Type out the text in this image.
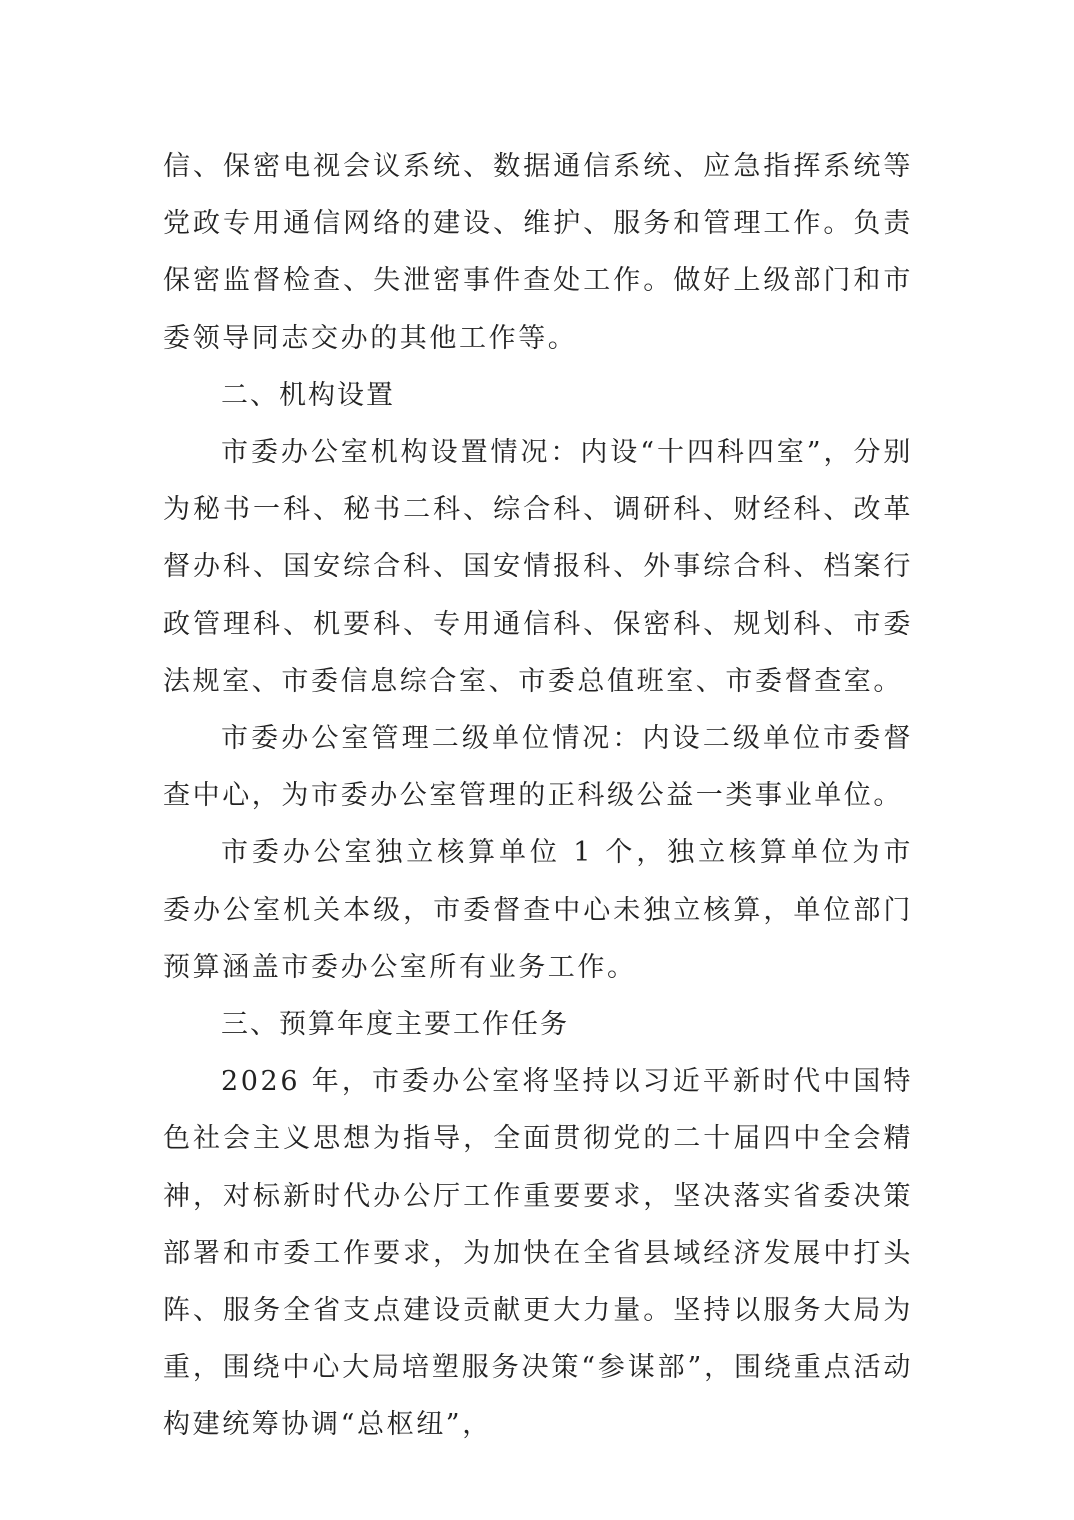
信、保密电视会议系统、数据通信系统、应急指挥系统等党政专用通信网络的建设、维护、服务和管理工作。负责保密监督检查、失泄密事件查处工作。做好上级部门和市委领导同志交办的其他工作等。

二、机构设置

市委办公室机构设置情况：内设“十四科四室”，分别为秘书一科、秘书二科、综合科、调研科、财经科、改革督办科、国安综合科、国安情报科、外事综合科、档案行政管理科、机要科、专用通信科、保密科、规划科、市委法规室、市委信息综合室、市委总值班室、市委督查室。

市委办公室管理二级单位情况：内设二级单位市委督查中心，为市委办公室管理的正科级公益一类事业单位。

市委办公室独立核算单位 1 个，独立核算单位为市委办公室机关本级，市委督查中心未独立核算，单位部门预算涵盖市委办公室所有业务工作。

三、预算年度主要工作任务

2026 年，市委办公室将坚持以习近平新时代中国特色社会主义思想为指导，全面贯彻党的二十届四中全会精神，对标新时代办公厅工作重要要求，坚决落实省委决策部署和市委工作要求，为加快在全省县域经济发展中打头阵、服务全省支点建设贡献更大力量。坚持以服务大局为重，围绕中心大局培塑服务决策“参谋部”，围绕重点活动构建统筹协调“总枢纽”，
